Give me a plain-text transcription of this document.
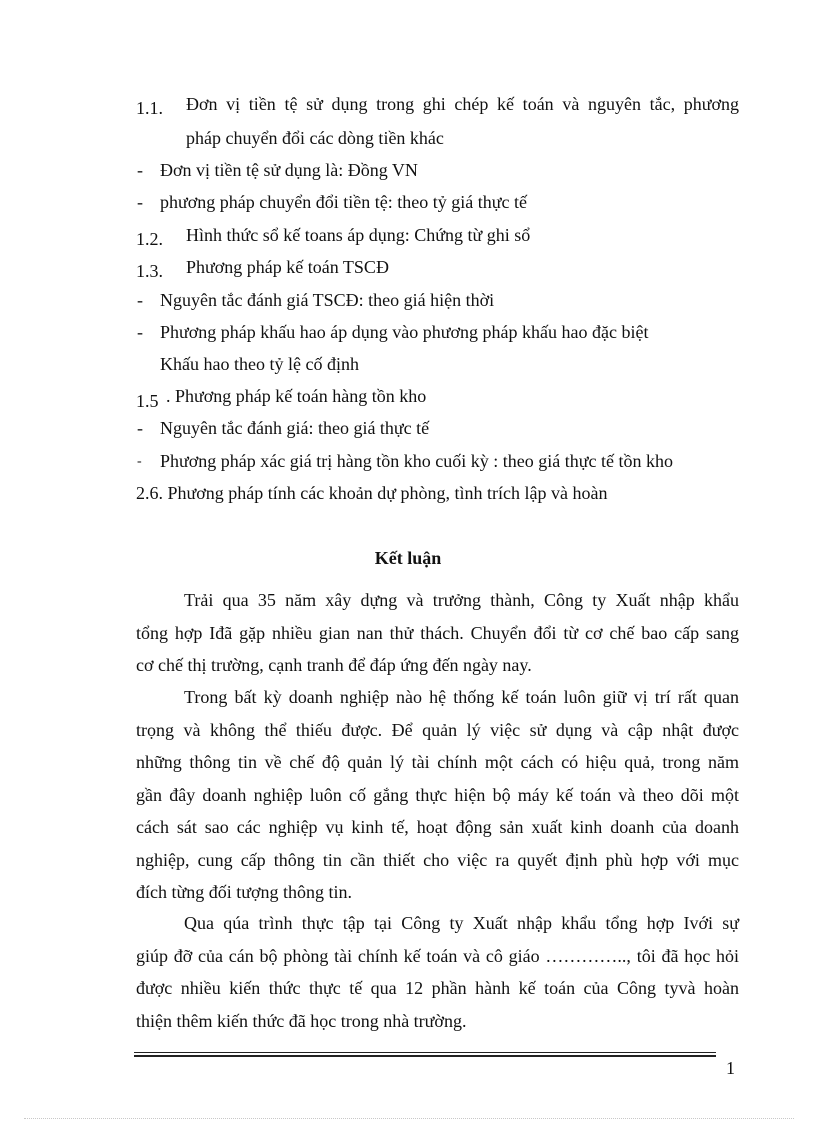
1.1. Đơn vị tiền tệ sử dụng trong ghi chép kế toán và nguyên tắc, phương
pháp chuyển đổi các dòng tiền khác
- Đơn vị tiền tệ sử dụng là: Đồng VN
- phương pháp chuyển đổi tiền tệ: theo tỷ giá thực tế
1.2. Hình thức sổ kế toans áp dụng: Chứng từ ghi sổ
1.3. Phương pháp kế toán TSCĐ
- Nguyên tắc đánh giá TSCĐ: theo giá hiện thời
- Phương pháp khấu hao áp dụng vào phương pháp khấu hao đặc biệt
Khấu hao theo tỷ lệ cố định
1.5 . Phương pháp kế toán hàng tồn kho
- Nguyên tắc đánh giá: theo giá thực tế
- Phương pháp xác giá trị hàng tồn kho cuối kỳ : theo giá thực tế tồn kho
2.6. Phương pháp tính các khoản dự phòng, tình trích lập và hoàn
Kết luận
Trải qua 35 năm xây dựng và trưởng thành, Công ty Xuất nhập khẩu
tổng hợp Iđã gặp nhiều gian nan thử thách. Chuyển đổi từ cơ chế bao cấp sang
cơ chế thị trường, cạnh tranh để đáp ứng đến ngày nay.
Trong bất kỳ doanh nghiệp nào hệ thống kế toán luôn giữ vị trí rất quan
trọng và không thể thiếu được. Để quản lý việc sử dụng và cập nhật được
những thông tin về chế độ quản lý tài chính một cách có hiệu quả, trong năm
gần đây doanh nghiệp luôn cố gắng thực hiện bộ máy kế toán và theo dõi một
cách sát sao các nghiệp vụ kinh tế, hoạt động sản xuất kinh doanh của doanh
nghiệp, cung cấp thông tin cần thiết cho việc ra quyết định phù hợp với mục
đích từng đối tượng thông tin.
Qua qúa trình thực tập tại Công ty Xuất nhập khẩu tổng hợp Ivới sự
giúp đỡ của cán bộ phòng tài chính kế toán và cô giáo ………….., tôi đã học hỏi
được nhiều kiến thức thực tế qua 12 phần hành kế toán của Công tyvà hoàn
thiện thêm kiến thức đã học trong nhà trường.
1
